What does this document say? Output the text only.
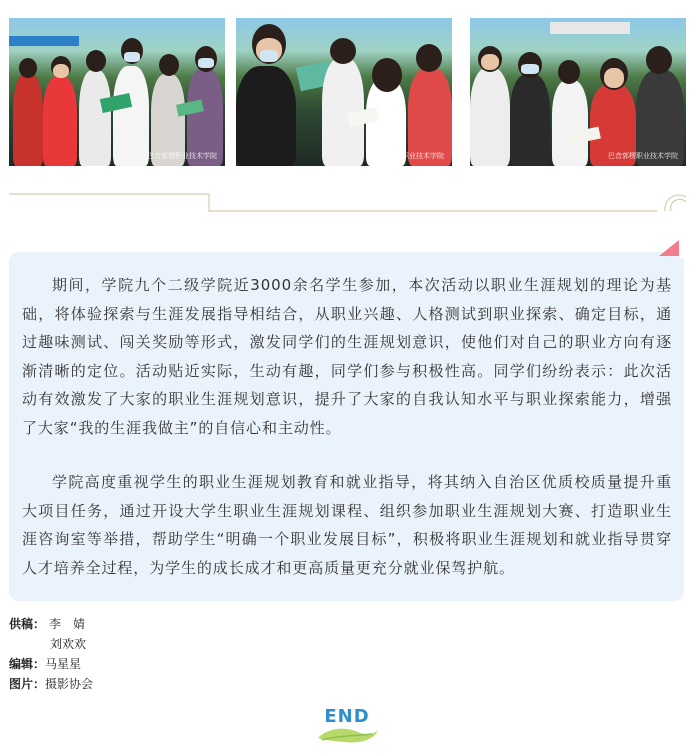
巴音郭楞职业技术学院	巴音郭楞职业技术学院	巴音郭楞职业技术学院

期间，学院九个二级学院近3000余名学生参加，本次活动以职业生涯规划的理论为基础，将体验探索与生涯发展指导相结合，从职业兴趣、人格测试到职业探索、确定目标，通过趣味测试、闯关奖励等形式，激发同学们的生涯规划意识，使他们对自己的职业方向有逐渐清晰的定位。活动贴近实际，生动有趣，同学们参与积极性高。同学们纷纷表示：此次活动有效激发了大家的职业生涯规划意识，提升了大家的自我认知水平与职业探索能力，增强了大家“我的生涯我做主”的自信心和主动性。

学院高度重视学生的职业生涯规划教育和就业指导，将其纳入自治区优质校质量提升重大项目任务，通过开设大学生职业生涯规划课程、组织参加职业生涯规划大赛、打造职业生涯咨询室等举措，帮助学生“明确一个职业发展目标”，积极将职业生涯规划和就业指导贯穿人才培养全过程，为学生的成长成才和更高质量更充分就业保驾护航。

供稿： 李　婧
刘欢欢
编辑：马星星
图片：摄影协会
END
